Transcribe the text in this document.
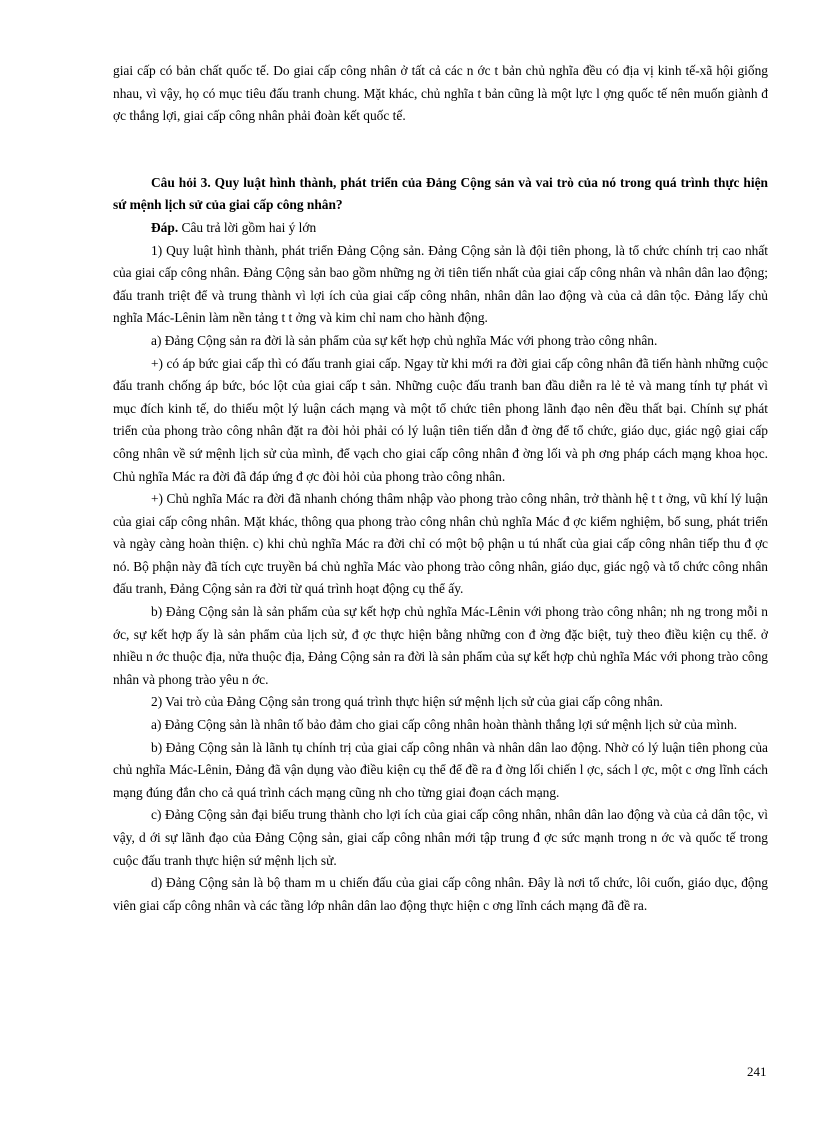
giai cấp có bản chất quốc tế. Do giai cấp công nhân ở tất cả các n ớc t bản chủ nghĩa đều có địa vị kinh tế-xã hội giống nhau, vì vậy, họ có mục tiêu đấu tranh chung. Mặt khác, chủ nghĩa t bản cũng là một lực l ợng quốc tế nên muốn giành đ ợc thắng lợi, giai cấp công nhân phải đoàn kết quốc tế.

Câu hỏi 3. Quy luật hình thành, phát triển của Đảng Cộng sản và vai trò của nó trong quá trình thực hiện sứ mệnh lịch sử của giai cấp công nhân?

Đáp. Câu trả lời gồm hai ý lớn

1) Quy luật hình thành, phát triển Đảng Cộng sản. Đảng Cộng sản là đội tiên phong, là tổ chức chính trị cao nhất của giai cấp công nhân. Đảng Cộng sản bao gồm những ng ời tiên tiến nhất của giai cấp công nhân và nhân dân lao động; đấu tranh triệt để và trung thành vì lợi ích của giai cấp công nhân, nhân dân lao động và của cả dân tộc. Đảng lấy chủ nghĩa Mác-Lênin làm nền tảng t t ởng và kim chỉ nam cho hành động.

a) Đảng Cộng sản ra đời là sản phẩm của sự kết hợp chủ nghĩa Mác với phong trào công nhân.

+) có áp bức giai cấp thì có đấu tranh giai cấp. Ngay từ khi mới ra đời giai cấp công nhân đã tiến hành những cuộc đấu tranh chống áp bức, bóc lột của giai cấp t sản. Những cuộc đấu tranh ban đầu diễn ra lẻ tẻ và mang tính tự phát vì mục đích kinh tế, do thiếu một lý luận cách mạng và một tổ chức tiên phong lãnh đạo nên đều thất bại. Chính sự phát triển của phong trào công nhân đặt ra đòi hỏi phải có lý luận tiên tiến dẫn đ ờng để tổ chức, giáo dục, giác ngộ giai cấp công nhân về sứ mệnh lịch sử của mình, để vạch cho giai cấp công nhân đ ờng lối và ph ơng pháp cách mạng khoa học. Chủ nghĩa Mác ra đời đã đáp ứng đ ợc đòi hỏi của phong trào công nhân.

+) Chủ nghĩa Mác ra đời đã nhanh chóng thâm nhập vào phong trào công nhân, trở thành hệ t t ởng, vũ khí lý luận của giai cấp công nhân. Mặt khác, thông qua phong trào công nhân chủ nghĩa Mác đ ợc kiểm nghiệm, bổ sung, phát triển và ngày càng hoàn thiện. c) khi chủ nghĩa Mác ra đời chỉ có một bộ phận u tú nhất của giai cấp công nhân tiếp thu đ ợc nó. Bộ phận này đã tích cực truyền bá chủ nghĩa Mác vào phong trào công nhân, giáo dục, giác ngộ và tổ chức công nhân đấu tranh, Đảng Cộng sản ra đời từ quá trình hoạt động cụ thể ấy.

b) Đảng Cộng sản là sản phẩm của sự kết hợp chủ nghĩa Mác-Lênin với phong trào công nhân; nh ng trong mỗi n ớc, sự kết hợp ấy là sản phẩm của lịch sử, đ ợc thực hiện bằng những con đ ờng đặc biệt, tuỳ theo điều kiện cụ thể. ở nhiều n ớc thuộc địa, nửa thuộc địa, Đảng Cộng sản ra đời là sản phẩm của sự kết hợp chủ nghĩa Mác với phong trào công nhân và phong trào yêu n ớc.

2) Vai trò của Đảng Cộng sản trong quá trình thực hiện sứ mệnh lịch sử của giai cấp công nhân.

a) Đảng Cộng sản là nhân tố bảo đảm cho giai cấp công nhân hoàn thành thắng lợi sứ mệnh lịch sử của mình.

b) Đảng Cộng sản là lãnh tụ chính trị của giai cấp công nhân và nhân dân lao động. Nhờ có lý luận tiên phong của chủ nghĩa Mác-Lênin, Đảng đã vận dụng vào điều kiện cụ thể để đề ra đ ờng lối chiến l ợc, sách l ợc, một c ơng lĩnh cách mạng đúng đắn cho cả quá trình cách mạng cũng nh cho từng giai đoạn cách mạng.

c) Đảng Cộng sản đại biểu trung thành cho lợi ích của giai cấp công nhân, nhân dân lao động và của cả dân tộc, vì vậy, d ới sự lãnh đạo của Đảng Cộng sản, giai cấp công nhân mới tập trung đ ợc sức mạnh trong n ớc và quốc tế trong cuộc đấu tranh thực hiện sứ mệnh lịch sử.

d) Đảng Cộng sản là bộ tham m u chiến đấu của giai cấp công nhân. Đây là nơi tổ chức, lôi cuốn, giáo dục, động viên giai cấp công nhân và các tầng lớp nhân dân lao động thực hiện c ơng lĩnh cách mạng đã đề ra.

241
